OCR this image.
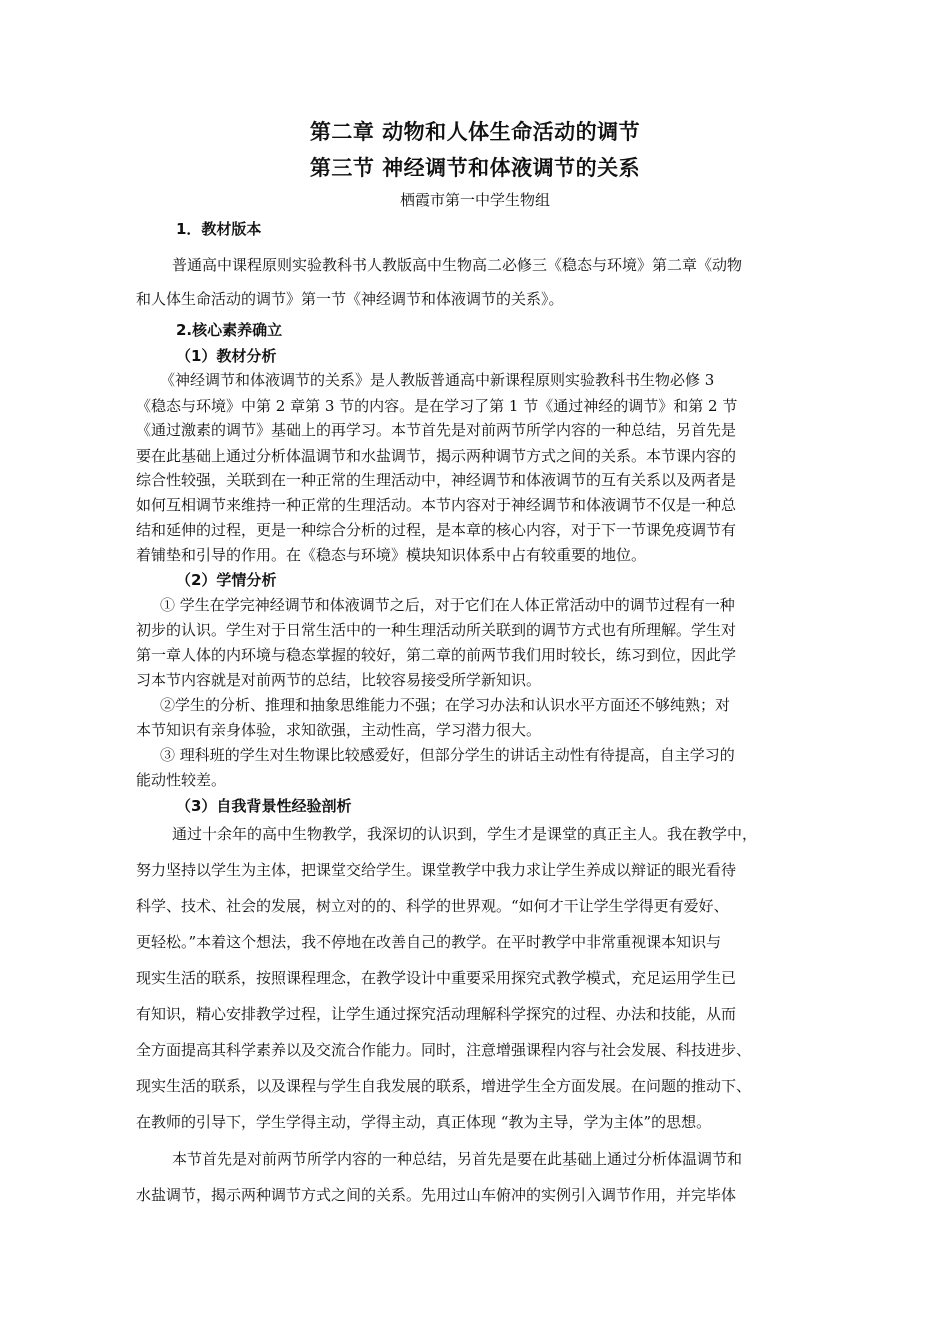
第二章 动物和人体生命活动的调节
第三节 神经调节和体液调节的关系
栖霞市第一中学生物组
1．教材版本
普通高中课程原则实验教科书人教版高中生物高二必修三《稳态与环境》第二章《动物
和人体生命活动的调节》第一节《神经调节和体液调节的关系》。
2.核心素养确立
（1）教材分析
《神经调节和体液调节的关系》是人教版普通高中新课程原则实验教科书生物必修 3
《稳态与环境》中第 2 章第 3 节的内容。是在学习了第 1 节《通过神经的调节》和第 2 节
《通过激素的调节》基础上的再学习。本节首先是对前两节所学内容的一种总结，另首先是
要在此基础上通过分析体温调节和水盐调节，揭示两种调节方式之间的关系。本节课内容的
综合性较强，关联到在一种正常的生理活动中，神经调节和体液调节的互有关系以及两者是
如何互相调节来维持一种正常的生理活动。本节内容对于神经调节和体液调节不仅是一种总
结和延伸的过程，更是一种综合分析的过程，是本章的核心内容，对于下一节课免疫调节有
着铺垫和引导的作用。在《稳态与环境》模块知识体系中占有较重要的地位。
（2）学情分析
① 学生在学完神经调节和体液调节之后，对于它们在人体正常活动中的调节过程有一种
初步的认识。学生对于日常生活中的一种生理活动所关联到的调节方式也有所理解。学生对
第一章人体的内环境与稳态掌握的较好，第二章的前两节我们用时较长，练习到位，因此学
习本节内容就是对前两节的总结，比较容易接受所学新知识。
②学生的分析、推理和抽象思维能力不强；在学习办法和认识水平方面还不够纯熟；对
本节知识有亲身体验，求知欲强，主动性高，学习潜力很大。
③ 理科班的学生对生物课比较感爱好，但部分学生的讲话主动性有待提高，自主学习的
能动性较差。
（3）自我背景性经验剖析
通过十余年的高中生物教学，我深切的认识到，学生才是课堂的真正主人。我在教学中，
努力坚持以学生为主体，把课堂交给学生。课堂教学中我力求让学生养成以辩证的眼光看待
科学、技术、社会的发展，树立对的的、科学的世界观。“如何才干让学生学得更有爱好、
更轻松。”本着这个想法，我不停地在改善自己的教学。在平时教学中非常重视课本知识与
现实生活的联系，按照课程理念，在教学设计中重要采用探究式教学模式，充足运用学生已
有知识，精心安排教学过程，让学生通过探究活动理解科学探究的过程、办法和技能，从而
全方面提高其科学素养以及交流合作能力。同时，注意增强课程内容与社会发展、科技进步、
现实生活的联系，以及课程与学生自我发展的联系，增进学生全方面发展。在问题的推动下、
在教师的引导下，学生学得主动，学得主动，真正体现 “教为主导，学为主体”的思想。
本节首先是对前两节所学内容的一种总结，另首先是要在此基础上通过分析体温调节和
水盐调节，揭示两种调节方式之间的关系。先用过山车俯冲的实例引入调节作用，并完毕体
